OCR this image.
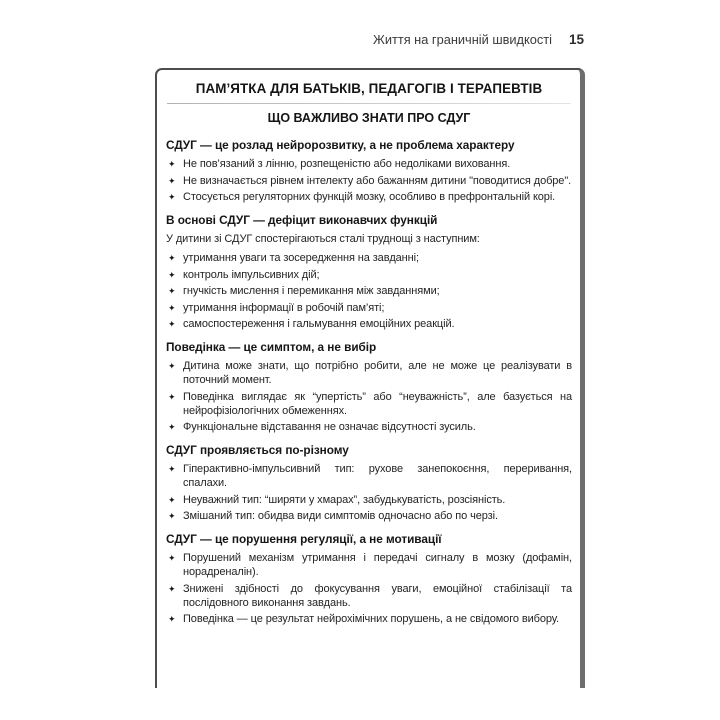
Життя на граничній швидкості 15
ПАМ’ЯТКА ДЛЯ БАТЬКІВ, ПЕДАГОГІВ І ТЕРАПЕВТІВ
ЩО ВАЖЛИВО ЗНАТИ ПРО СДУГ
СДУГ — це розлад нейророзвитку, а не проблема характеру
✦ Не пов’язаний з лінню, розпещеністю або недоліками виховання.
✦ Не визначається рівнем інтелекту або бажанням дитини "поводитися добре".
✦ Стосується регуляторних функцій мозку, особливо в префронтальній корі.
В основі СДУГ — дефіцит виконавчих функцій
У дитини зі СДУГ спостерігаються сталі труднощі з наступним:
✦ утримання уваги та зосередження на завданні;
✦ контроль імпульсивних дій;
✦ гнучкість мислення і перемикання між завданнями;
✦ утримання інформації в робочій пам’яті;
✦ самоспостереження і гальмування емоційних реакцій.
Поведінка — це симптом, а не вибір
✦ Дитина може знати, що потрібно робити, але не може це реалізувати в поточний момент.
✦ Поведінка виглядає як “упертість” або “неуважність”, але базується на нейрофізіологічних обмеженнях.
✦ Функціональне відставання не означає відсутності зусиль.
СДУГ проявляється по-різному
✦ Гіперактивно-імпульсивний тип: рухове занепокоєння, переривання, спалахи.
✦ Неуважний тип: “ширяти у хмарах”, забудькуватість, розсіяність.
✦ Змішаний тип: обидва види симптомів одночасно або по черзі.
СДУГ — це порушення регуляції, а не мотивації
✦ Порушений механізм утримання і передачі сигналу в мозку (дофамін, норадреналін).
✦ Знижені здібності до фокусування уваги, емоційної стабілізації та послідовного виконання завдань.
✦ Поведінка — це результат нейрохімічних порушень, а не свідомого вибору.
